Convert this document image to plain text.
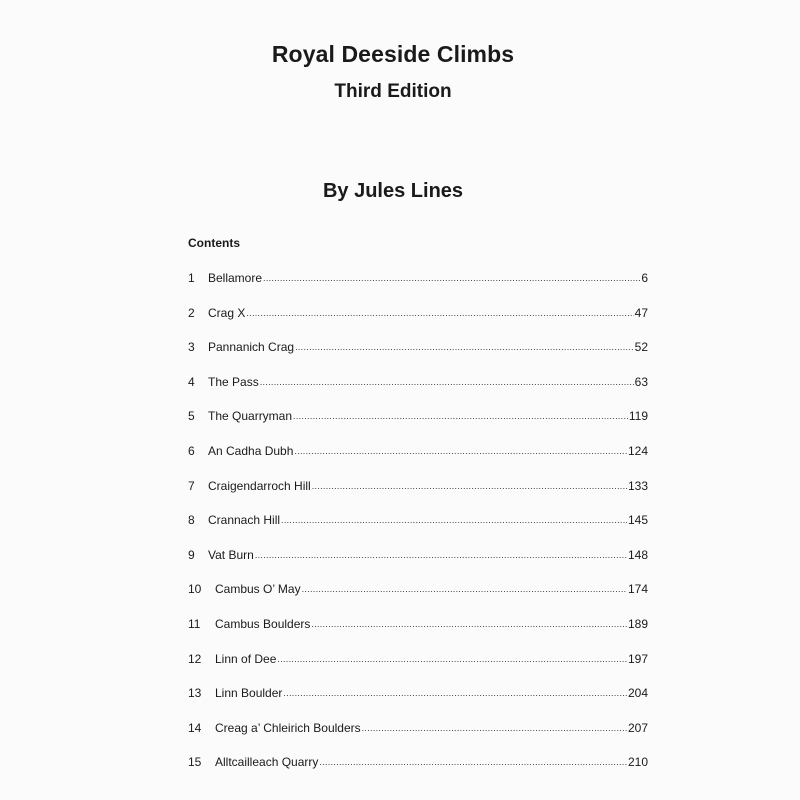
Royal Deeside Climbs
Third Edition
By Jules Lines
Contents
1	Bellamore .....	6
2	Crag X .....	47
3	Pannanich Crag .....	52
4	The Pass .....	63
5	The Quarryman .....	119
6	An Cadha Dubh .....	124
7	Craigendarroch Hill .....	133
8	Crannach Hill .....	145
9	Vat Burn .....	148
10	Cambus O’ May .....	174
11	Cambus Boulders .....	189
12	Linn of Dee .....	197
13	Linn Boulder .....	204
14	Creag a’ Chleirich Boulders .....	207
15	Alltcailleach Quarry .....	210
